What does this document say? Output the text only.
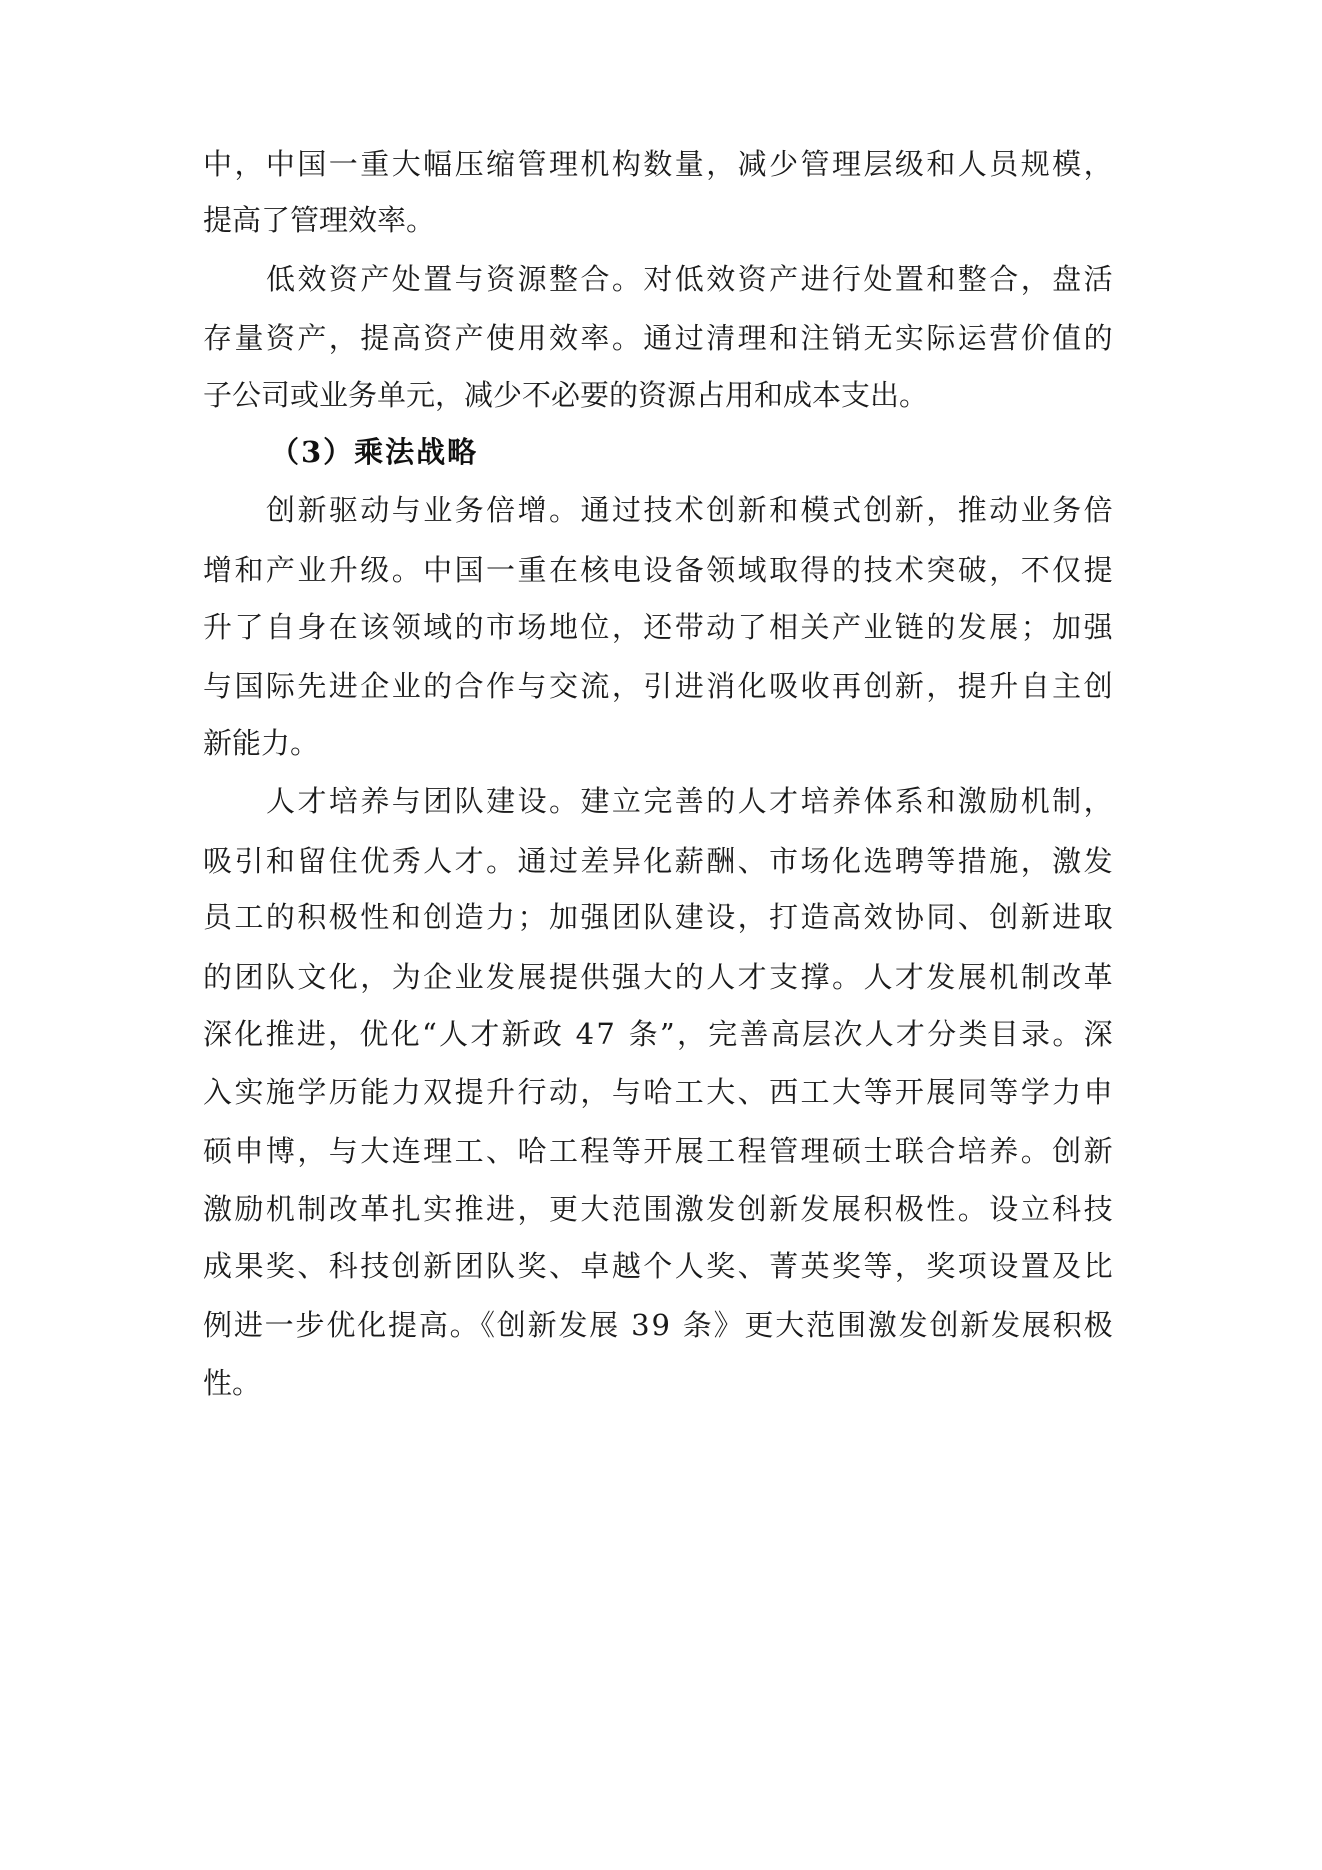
中，中国一重大幅压缩管理机构数量，减少管理层级和人员规模，

提高了管理效率。

低效资产处置与资源整合。对低效资产进行处置和整合，盘活

存量资产，提高资产使用效率。通过清理和注销无实际运营价值的

子公司或业务单元，减少不必要的资源占用和成本支出。

（3）乘法战略

创新驱动与业务倍增。通过技术创新和模式创新，推动业务倍

增和产业升级。中国一重在核电设备领域取得的技术突破，不仅提

升了自身在该领域的市场地位，还带动了相关产业链的发展；加强

与国际先进企业的合作与交流，引进消化吸收再创新，提升自主创

新能力。

人才培养与团队建设。建立完善的人才培养体系和激励机制，

吸引和留住优秀人才。通过差异化薪酬、市场化选聘等措施，激发

员工的积极性和创造力；加强团队建设，打造高效协同、创新进取

的团队文化，为企业发展提供强大的人才支撑。人才发展机制改革

深化推进，优化“人才新政 47 条”，完善高层次人才分类目录。深

入实施学历能力双提升行动，与哈工大、西工大等开展同等学力申

硕申博，与大连理工、哈工程等开展工程管理硕士联合培养。创新

激励机制改革扎实推进，更大范围激发创新发展积极性。设立科技

成果奖、科技创新团队奖、卓越个人奖、菁英奖等，奖项设置及比

例进一步优化提高。《创新发展 39 条》更大范围激发创新发展积极

性。
